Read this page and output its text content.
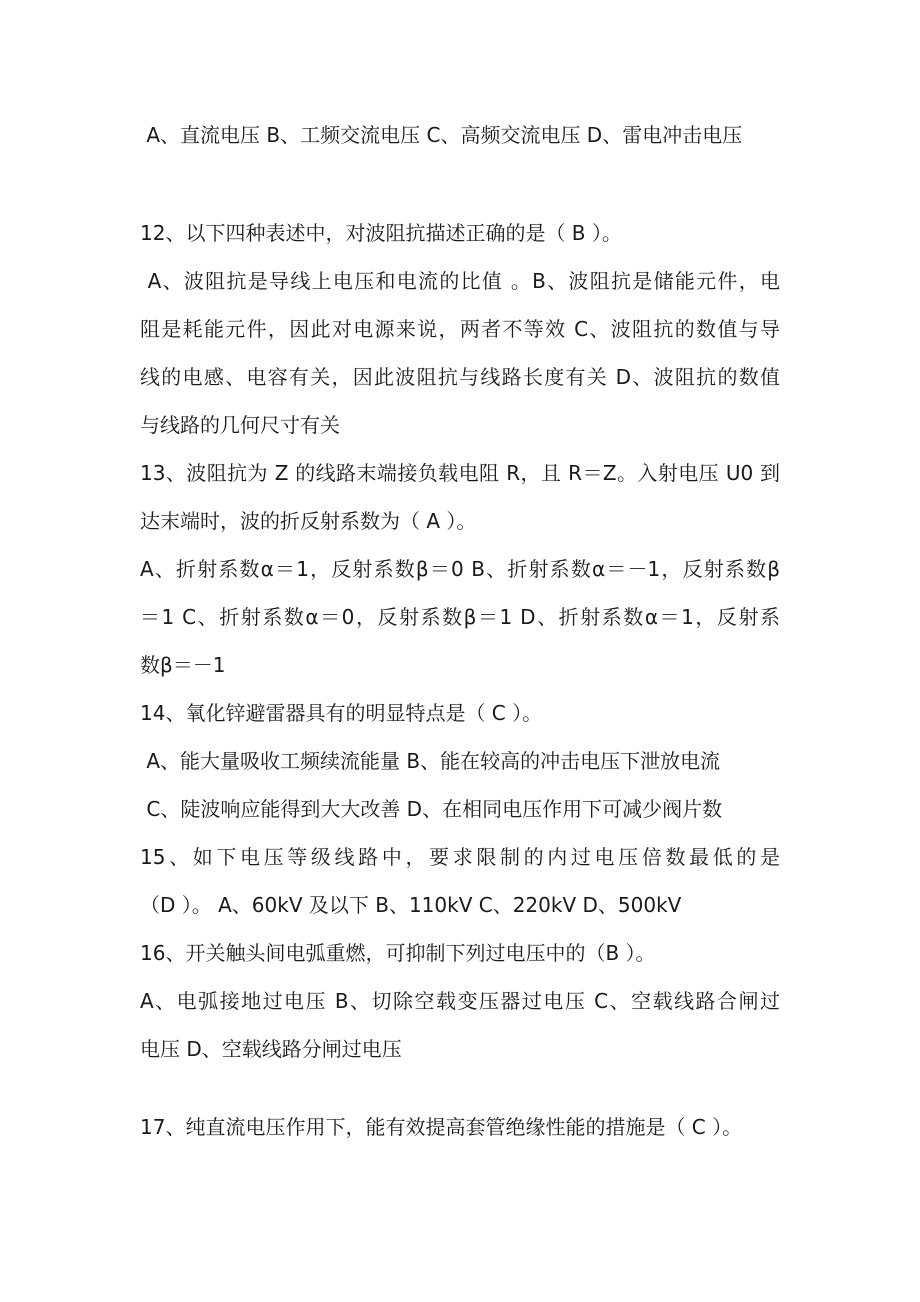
A、直流电压 B、工频交流电压 C、高频交流电压 D、雷电冲击电压
12、以下四种表述中，对波阻抗描述正确的是（ B ）。
A、波阻抗是导线上电压和电流的比值 。B、波阻抗是储能元件，电
阻是耗能元件，因此对电源来说，两者不等效 C、波阻抗的数值与导
线的电感、电容有关，因此波阻抗与线路长度有关 D、波阻抗的数值
与线路的几何尺寸有关
13、波阻抗为 Z 的线路末端接负载电阻 R，且 R＝Z。入射电压 U0 到
达末端时，波的折反射系数为（ A ）。
A、折射系数α＝1，反射系数β＝0 B、折射系数α＝－1，反射系数β
＝1 C、折射系数α＝0，反射系数β＝1 D、折射系数α＝1，反射系
数β＝－1
14、氧化锌避雷器具有的明显特点是（ C ）。
A、能大量吸收工频续流能量 B、能在较高的冲击电压下泄放电流
C、陡波响应能得到大大改善 D、在相同电压作用下可减少阀片数
15、如下电压等级线路中，要求限制的内过电压倍数最低的是
（D ）。 A、60kV 及以下 B、110kV C、220kV D、500kV
16、开关触头间电弧重燃，可抑制下列过电压中的（B ）。
A、电弧接地过电压 B、切除空载变压器过电压 C、空载线路合闸过
电压 D、空载线路分闸过电压
17、纯直流电压作用下，能有效提高套管绝缘性能的措施是（ C ）。
